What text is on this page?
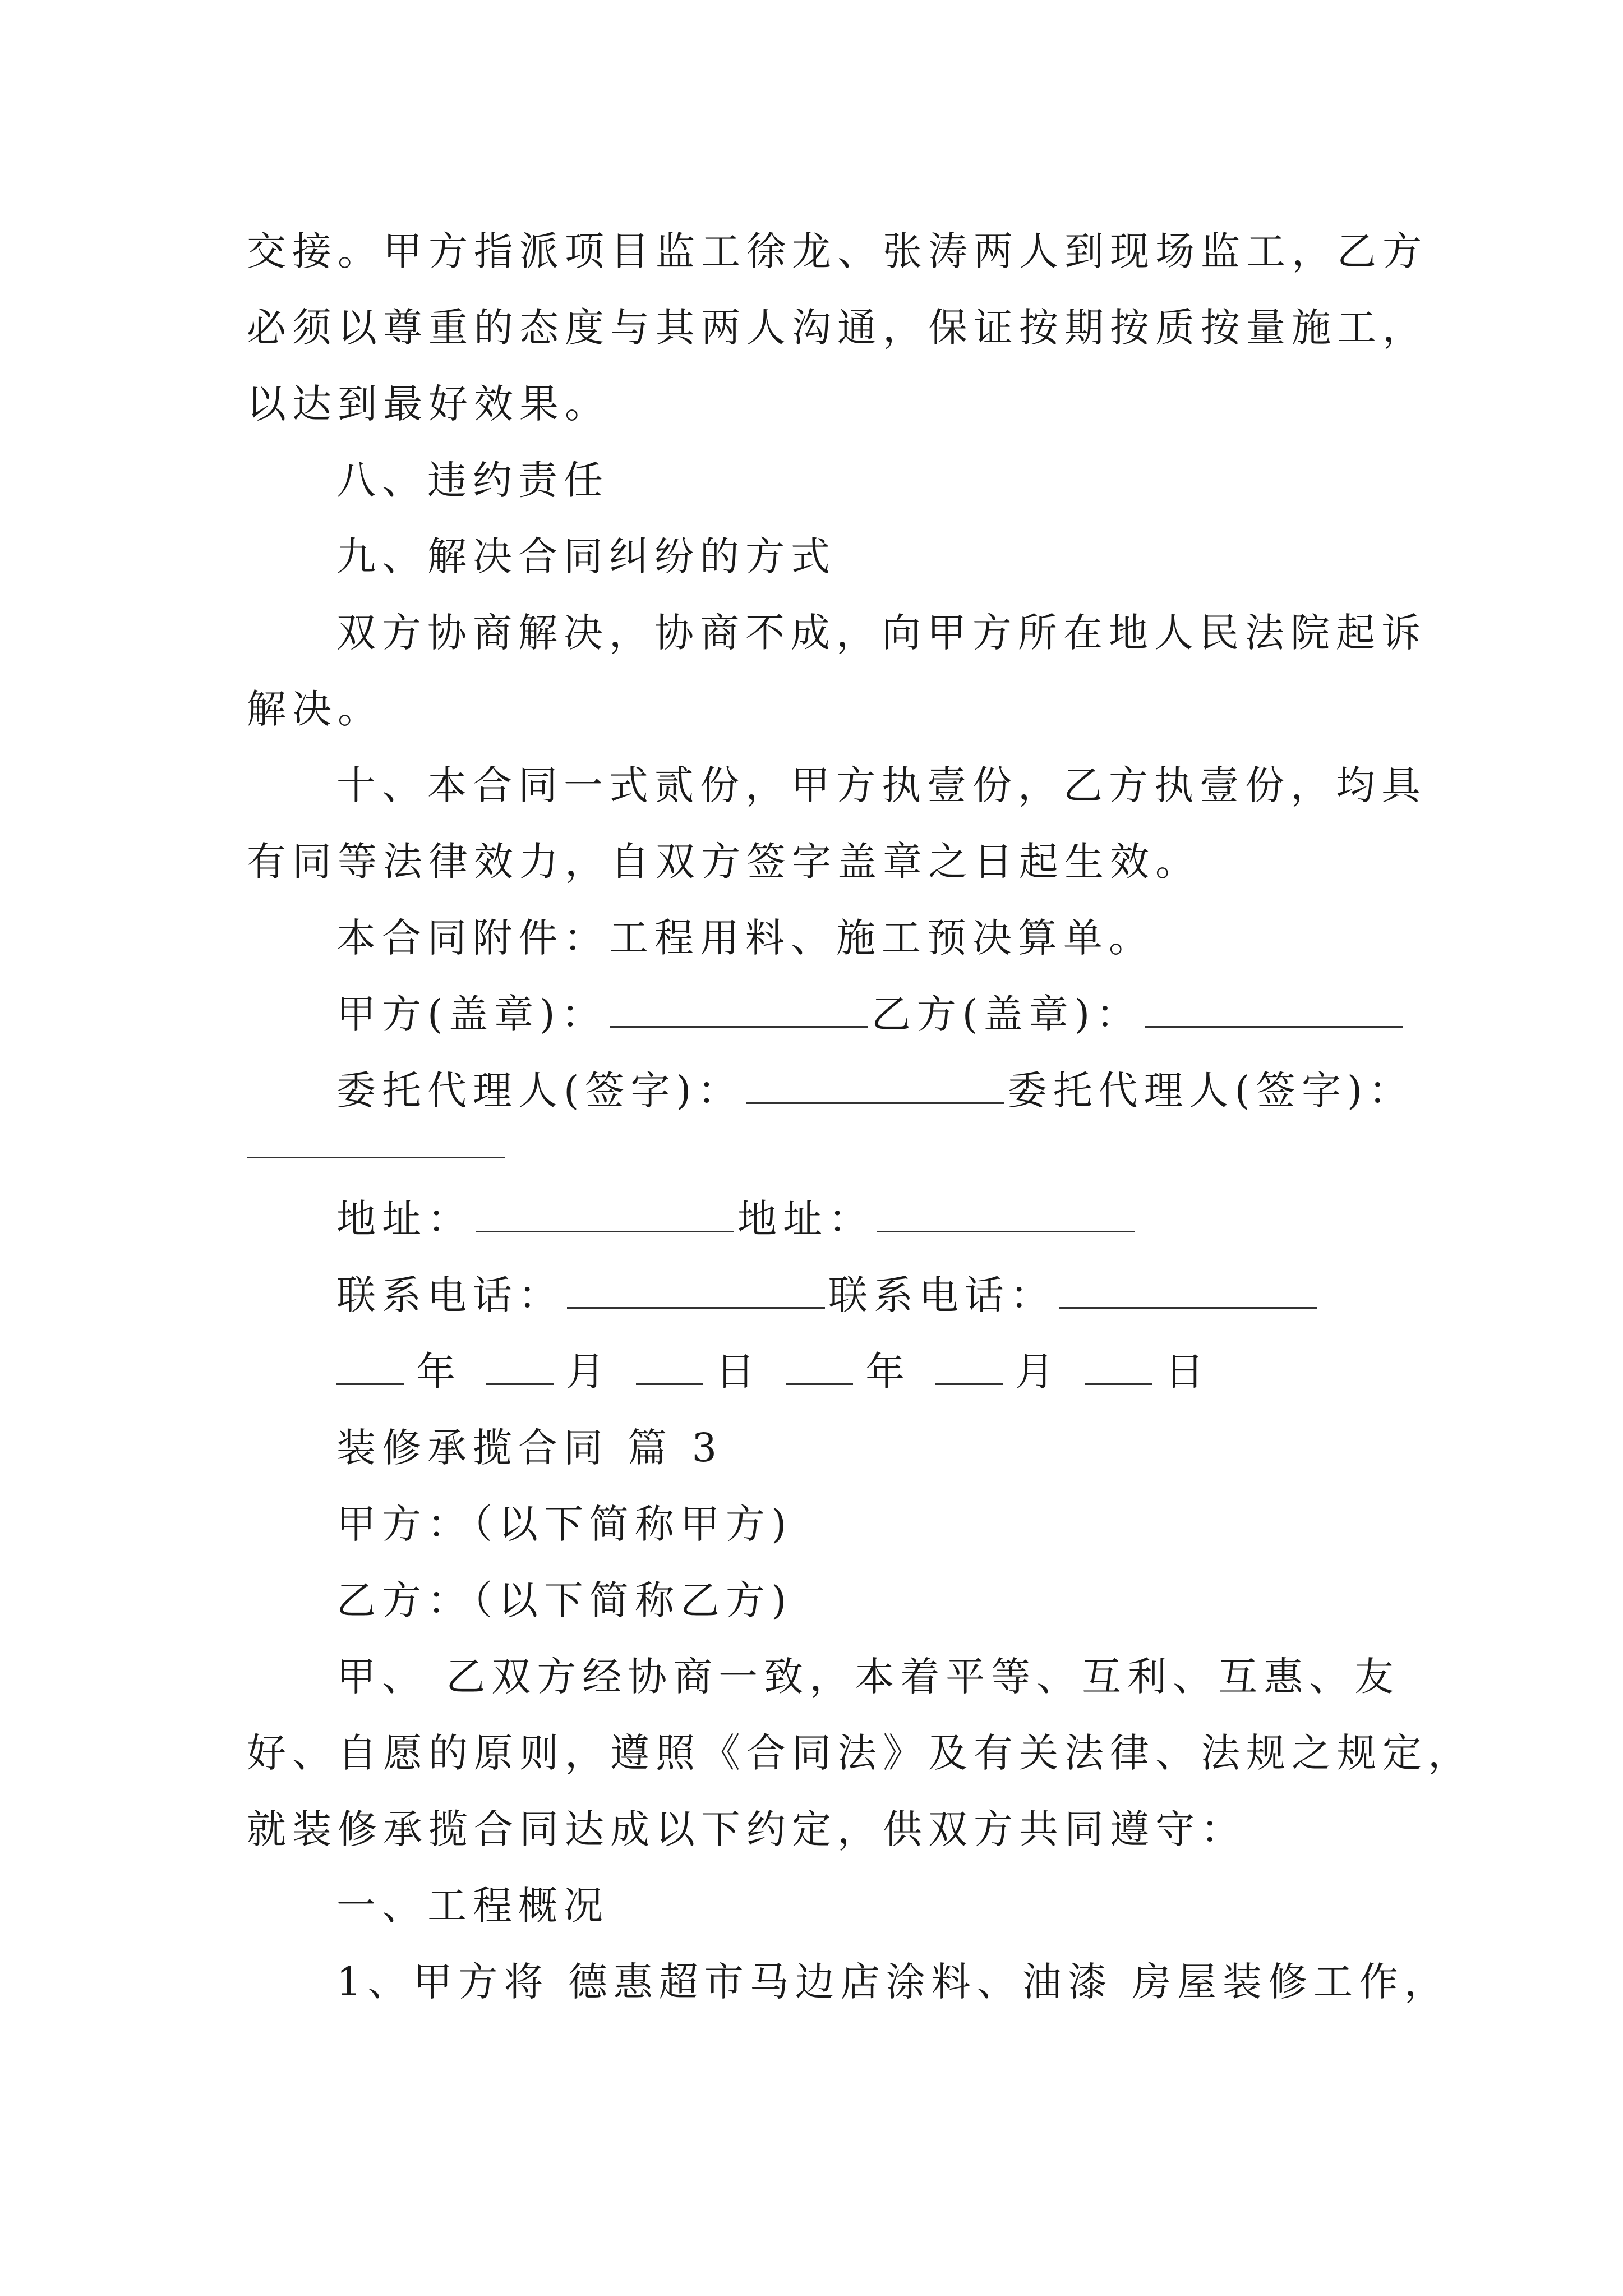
交接。甲方指派项目监工徐龙、张涛两人到现场监工，乙方
必须以尊重的态度与其两人沟通，保证按期按质按量施工，
以达到最好效果。
八、违约责任
九、解决合同纠纷的方式
双方协商解决，协商不成，向甲方所在地人民法院起诉
解决。
十、本合同一式贰份，甲方执壹份，乙方执壹份，均具
有同等法律效力，自双方签字盖章之日起生效。
本合同附件：工程用料、施工预决算单。
甲方(盖章)：	乙方(盖章)：
委托代理人(签字)：	委托代理人(签字)：
地址：	地址：
联系电话：	联系电话：
年	月	日	年	月	日
装修承揽合同 篇 3
甲方：（以下简称甲方)
乙方：（以下简称乙方)
甲、 乙双方经协商一致，本着平等、互利、互惠、友
好、自愿的原则，遵照《合同法》及有关法律、法规之规定，
就装修承揽合同达成以下约定，供双方共同遵守：
一、工程概况
1、甲方将 德惠超市马边店涂料、油漆 房屋装修工作，
